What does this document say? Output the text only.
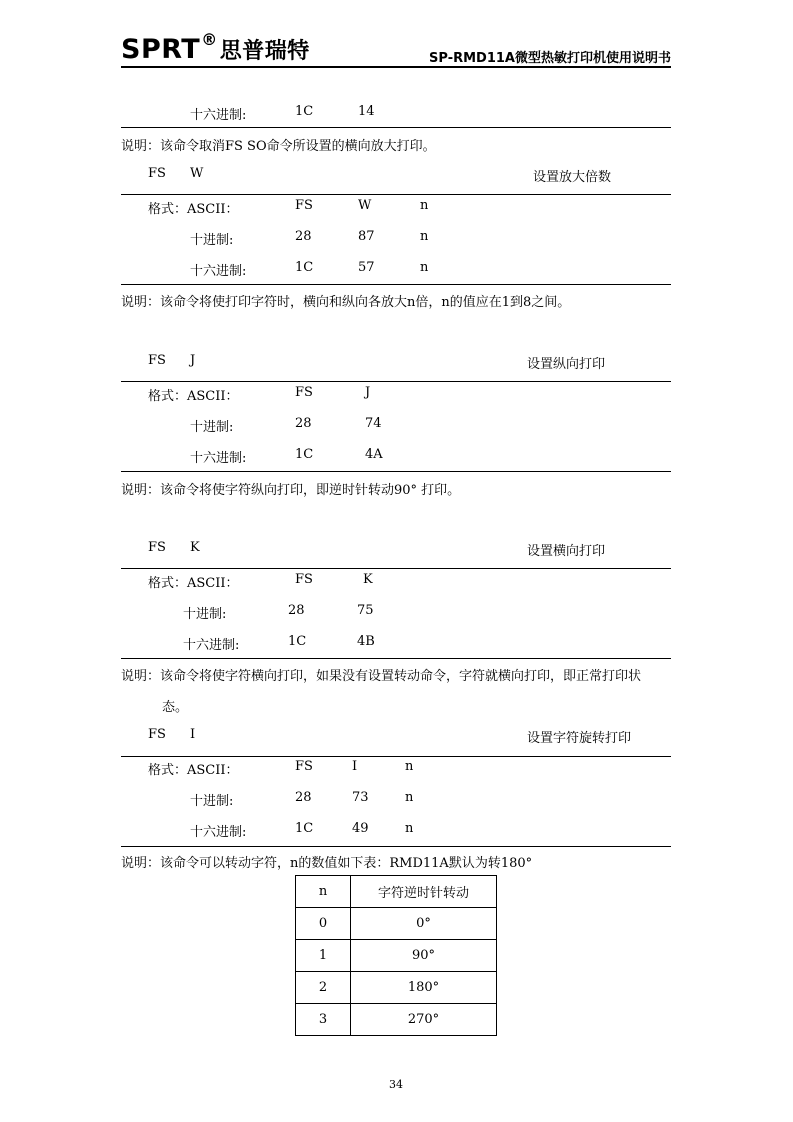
SPRT®思普瑞特	SP-RMD11A微型热敏打印机使用说明书
十六进制:	1C	14
说明：该命令取消FS SO命令所设置的横向放大打印。
FS W	设置放大倍数
格式：ASCII：	FS	W	n
十进制:	28	87	n
十六进制:	1C	57	n
说明：该命令将使打印字符时，横向和纵向各放大n倍，n的值应在1到8之间。
FS J	设置纵向打印
格式：ASCII：	FS	J
十进制:	28	74
十六进制:	1C	4A
说明：该命令将使字符纵向打印，即逆时针转动90° 打印。
FS K	设置横向打印
格式：ASCII：	FS	K
十进制:	28	75
十六进制:	1C	4B
说明：该命令将使字符横向打印，如果没有设置转动命令，字符就横向打印，即正常打印状
态。
FS I	设置字符旋转打印
格式：ASCII：	FS	I	n
十进制:	28	73	n
十六进制:	1C	49	n
说明：该命令可以转动字符，n的数值如下表：RMD11A默认为转180°
n	字符逆时针转动
0	0°
1	90°
2	180°
3	270°
34
